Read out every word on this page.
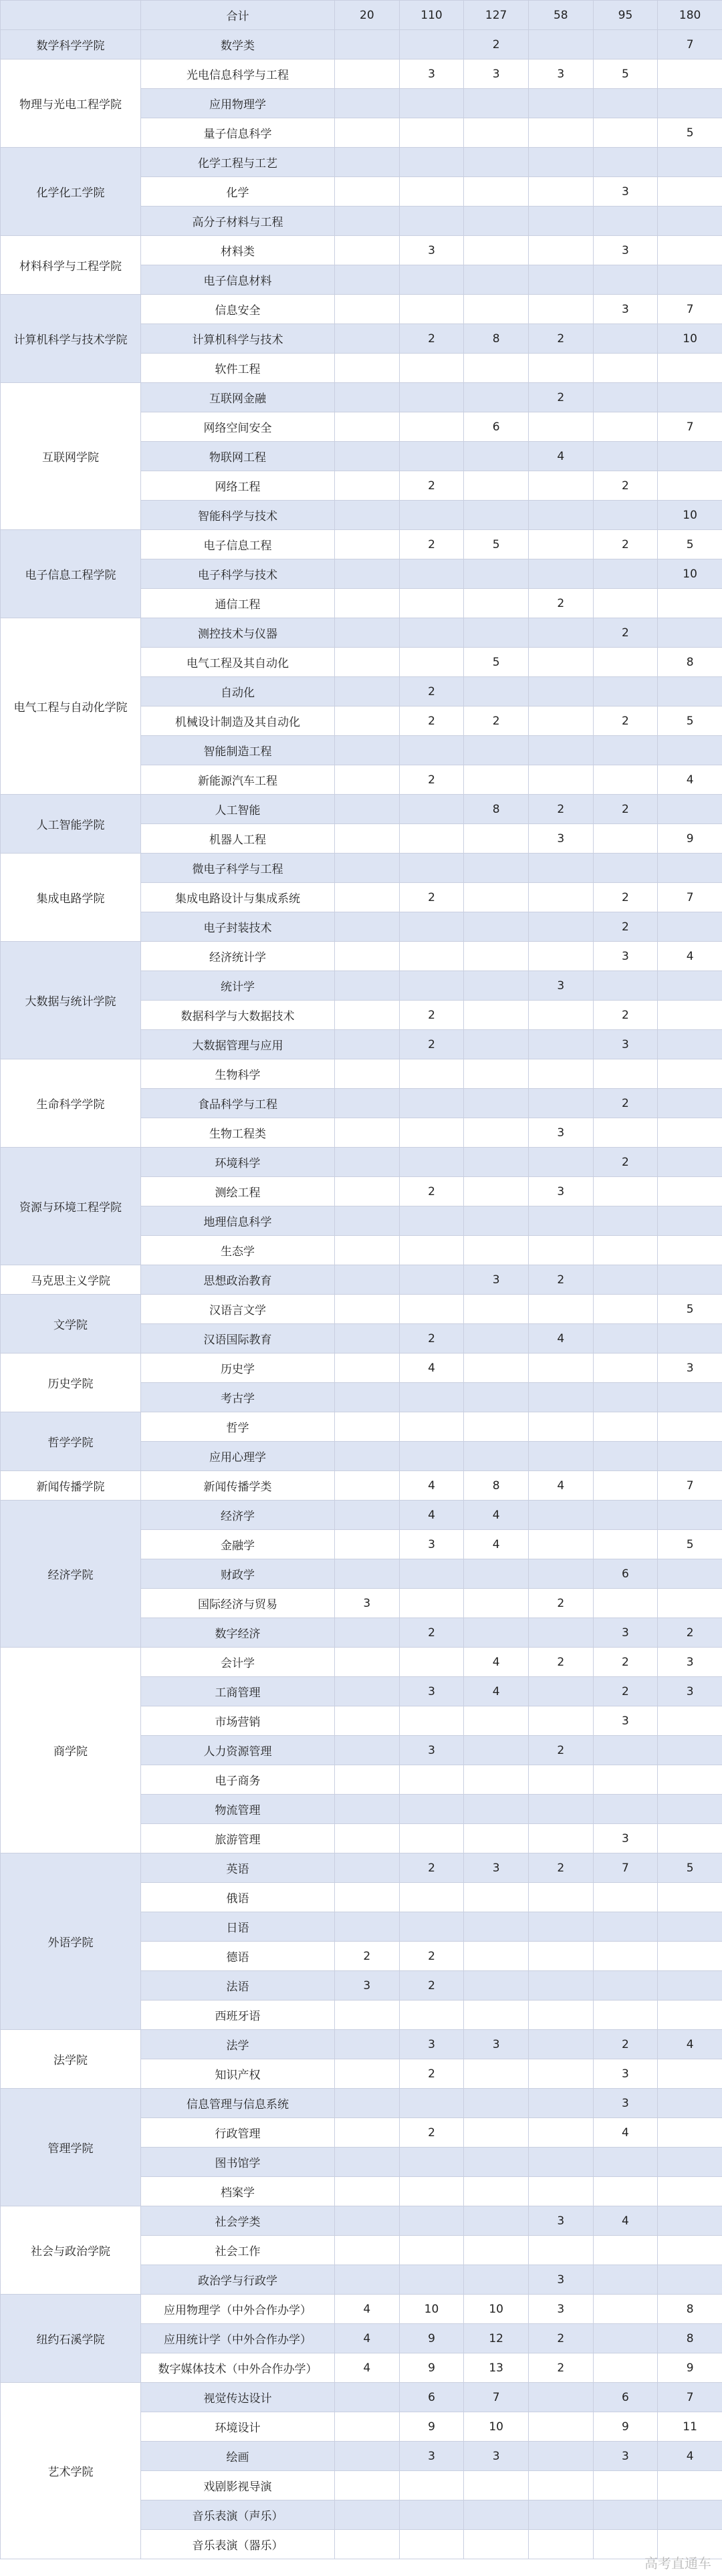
	合计	20	110	127	58	95	180
数学科学学院	数学类			2			7
物理与光电工程学院	光电信息科学与工程		3	3	3	5	
	应用物理学						
	量子信息科学						5
化学化工学院	化学工程与工艺						
	化学					3	
	高分子材料与工程						
材料科学与工程学院	材料类		3			3	
	电子信息材料						
计算机科学与技术学院	信息安全					3	7
	计算机科学与技术		2	8	2		10
	软件工程						
互联网学院	互联网金融				2		
	网络空间安全			6			7
	物联网工程				4		
	网络工程		2			2	
	智能科学与技术						10
电子信息工程学院	电子信息工程		2	5		2	5
	电子科学与技术						10
	通信工程				2		
电气工程与自动化学院	测控技术与仪器					2	
	电气工程及其自动化			5			8
	自动化		2				
	机械设计制造及其自动化		2	2		2	5
	智能制造工程						
	新能源汽车工程		2				4
人工智能学院	人工智能			8	2	2	
	机器人工程				3		9
集成电路学院	微电子科学与工程						
	集成电路设计与集成系统		2			2	7
	电子封装技术					2	
大数据与统计学院	经济统计学					3	4
	统计学				3		
	数据科学与大数据技术		2			2	
	大数据管理与应用		2			3	
生命科学学院	生物科学						
	食品科学与工程					2	
	生物工程类				3		
资源与环境工程学院	环境科学					2	
	测绘工程		2		3		
	地理信息科学						
	生态学						
马克思主义学院	思想政治教育			3	2		
文学院	汉语言文学						5
	汉语国际教育		2		4		
历史学院	历史学		4				3
	考古学						
哲学学院	哲学						
	应用心理学						
新闻传播学院	新闻传播学类		4	8	4		7
经济学院	经济学		4	4			
	金融学		3	4			5
	财政学					6	
	国际经济与贸易	3			2		
	数字经济		2			3	2
商学院	会计学			4	2	2	3
	工商管理		3	4		2	3
	市场营销					3	
	人力资源管理		3		2		
	电子商务						
	物流管理						
	旅游管理					3	
外语学院	英语		2	3	2	7	5
	俄语						
	日语						
	德语	2	2				
	法语	3	2				
	西班牙语						
法学院	法学		3	3		2	4
	知识产权		2			3	
管理学院	信息管理与信息系统					3	
	行政管理		2			4	
	图书馆学						
	档案学						
社会与政治学院	社会学类				3	4	
	社会工作						
	政治学与行政学				3		
纽约石溪学院	应用物理学（中外合作办学）	4	10	10	3		8
	应用统计学（中外合作办学）	4	9	12	2		8
	数字媒体技术（中外合作办学）	4	9	13	2		9
艺术学院	视觉传达设计		6	7		6	7
	环境设计		9	10		9	11
	绘画		3	3		3	4
	戏剧影视导演						
	音乐表演（声乐）						
	音乐表演（器乐）						
高考直通车
